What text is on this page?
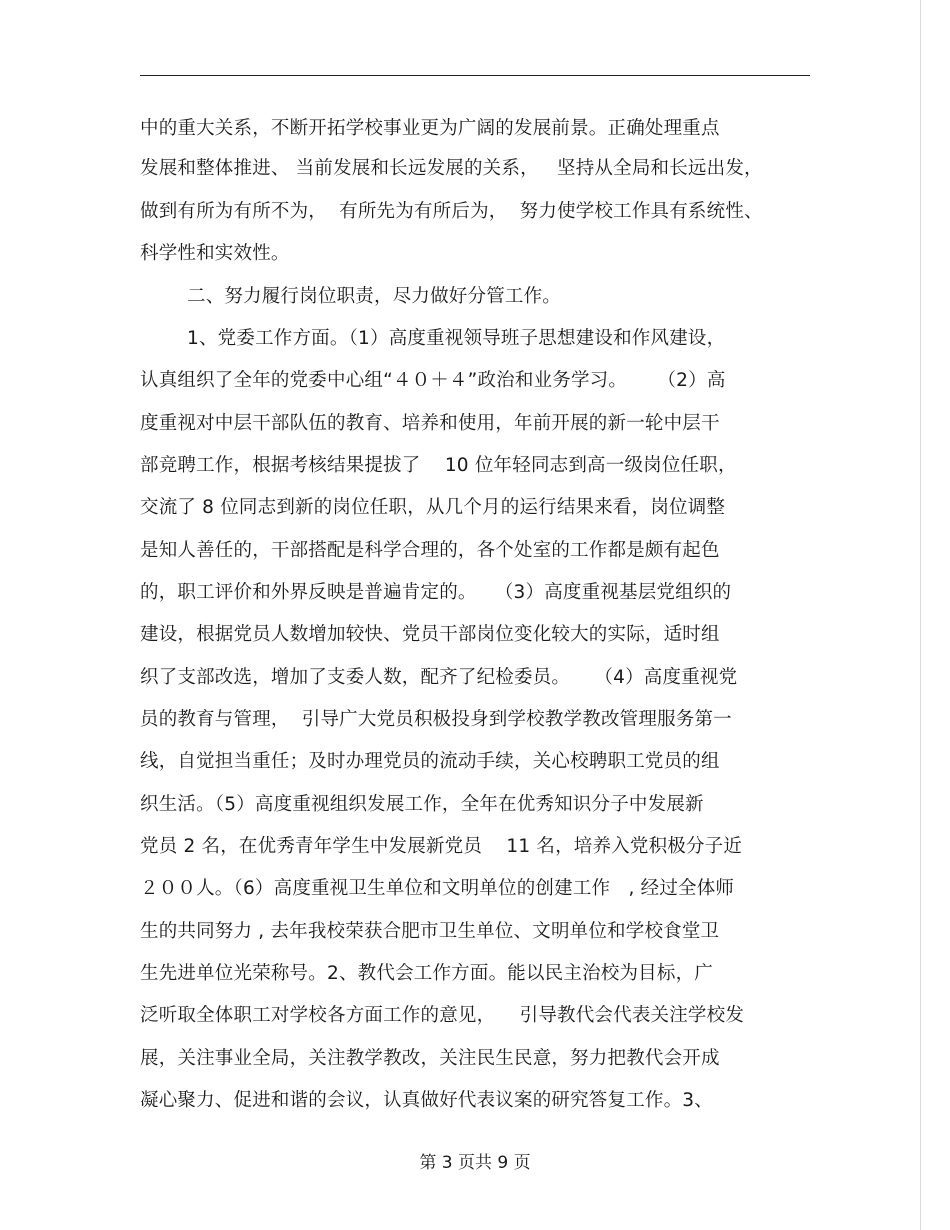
中的重大关系，不断开拓学校事业更为广阔的发展前景。正确处理重点
发展和整体推进、 当前发展和长远发展的关系，   坚持从全局和长远出发，
做到有所为有所不为，  有所先为有所后为，  努力使学校工作具有系统性、
科学性和实效性。
二、努力履行岗位职责，尽力做好分管工作。
1、党委工作方面。（1）高度重视领导班子思想建设和作风建设，
认真组织了全年的党委中心组“４０＋４”政治和业务学习。     （2）高
度重视对中层干部队伍的教育、培养和使用，年前开展的新一轮中层干
部竞聘工作，根据考核结果提拔了    10 位年轻同志到高一级岗位任职，
交流了 8 位同志到新的岗位任职，从几个月的运行结果来看，岗位调整
是知人善任的，干部搭配是科学合理的，各个处室的工作都是颇有起色
的，职工评价和外界反映是普遍肯定的。   （3）高度重视基层党组织的
建设，根据党员人数增加较快、党员干部岗位变化较大的实际，适时组
织了支部改选，增加了支委人数，配齐了纪检委员。    （4）高度重视党
员的教育与管理，  引导广大党员积极投身到学校教学教改管理服务第一
线，自觉担当重任；及时办理党员的流动手续，关心校聘职工党员的组
织生活。（5）高度重视组织发展工作，全年在优秀知识分子中发展新
党员 2 名，在优秀青年学生中发展新党员    11 名，培养入党积极分子近
２００人。（6）高度重视卫生单位和文明单位的创建工作   , 经过全体师
生的共同努力 , 去年我校荣获合肥市卫生单位、文明单位和学校食堂卫
生先进单位光荣称号。2、教代会工作方面。能以民主治校为目标，广
泛听取全体职工对学校各方面工作的意见，    引导教代会代表关注学校发
展，关注事业全局，关注教学教改，关注民生民意，努力把教代会开成
凝心聚力、促进和谐的会议，认真做好代表议案的研究答复工作。3、
第 3 页共 9 页
